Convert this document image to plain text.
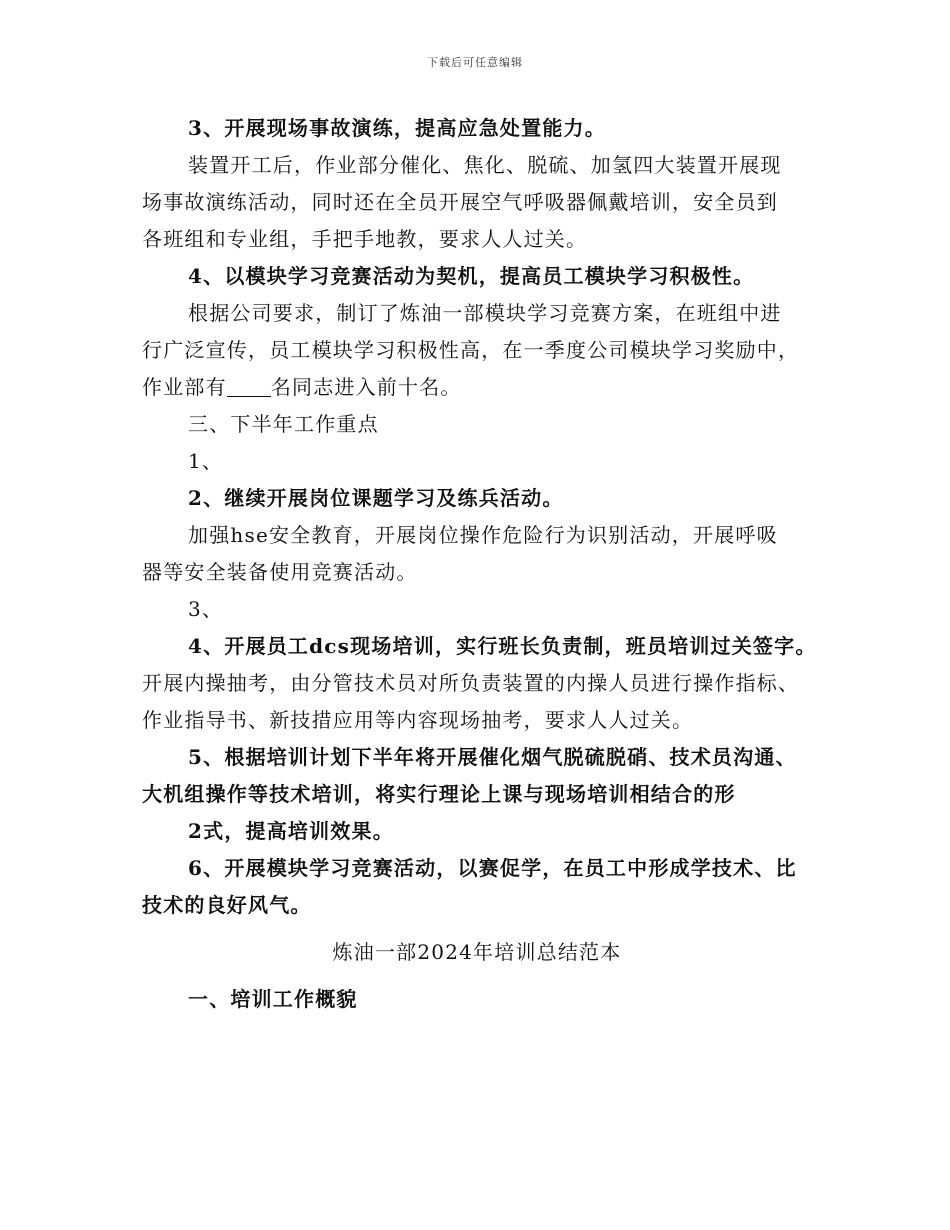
下载后可任意编辑
3、开展现场事故演练，提高应急处置能力。
装置开工后，作业部分催化、焦化、脱硫、加氢四大装置开展现
场事故演练活动，同时还在全员开展空气呼吸器佩戴培训，安全员到
各班组和专业组，手把手地教，要求人人过关。
4、以模块学习竞赛活动为契机，提高员工模块学习积极性。
根据公司要求，制订了炼油一部模块学习竞赛方案，在班组中进
行广泛宣传，员工模块学习积极性高，在一季度公司模块学习奖励中，
作业部有 名同志进入前十名。
三、下半年工作重点
1、
2、继续开展岗位课题学习及练兵活动。
加强hse安全教育，开展岗位操作危险行为识别活动，开展呼吸
器等安全装备使用竞赛活动。
3、
4、开展员工dcs现场培训，实行班长负责制，班员培训过关签字。
开展内操抽考，由分管技术员对所负责装置的内操人员进行操作指标、
作业指导书、新技措应用等内容现场抽考，要求人人过关。
5、根据培训计划下半年将开展催化烟气脱硫脱硝、技术员沟通、
大机组操作等技术培训，将实行理论上课与现场培训相结合的形
2式，提高培训效果。
6、开展模块学习竞赛活动，以赛促学，在员工中形成学技术、比
技术的良好风气。
炼油一部2024年培训总结范本
一、培训工作概貌
